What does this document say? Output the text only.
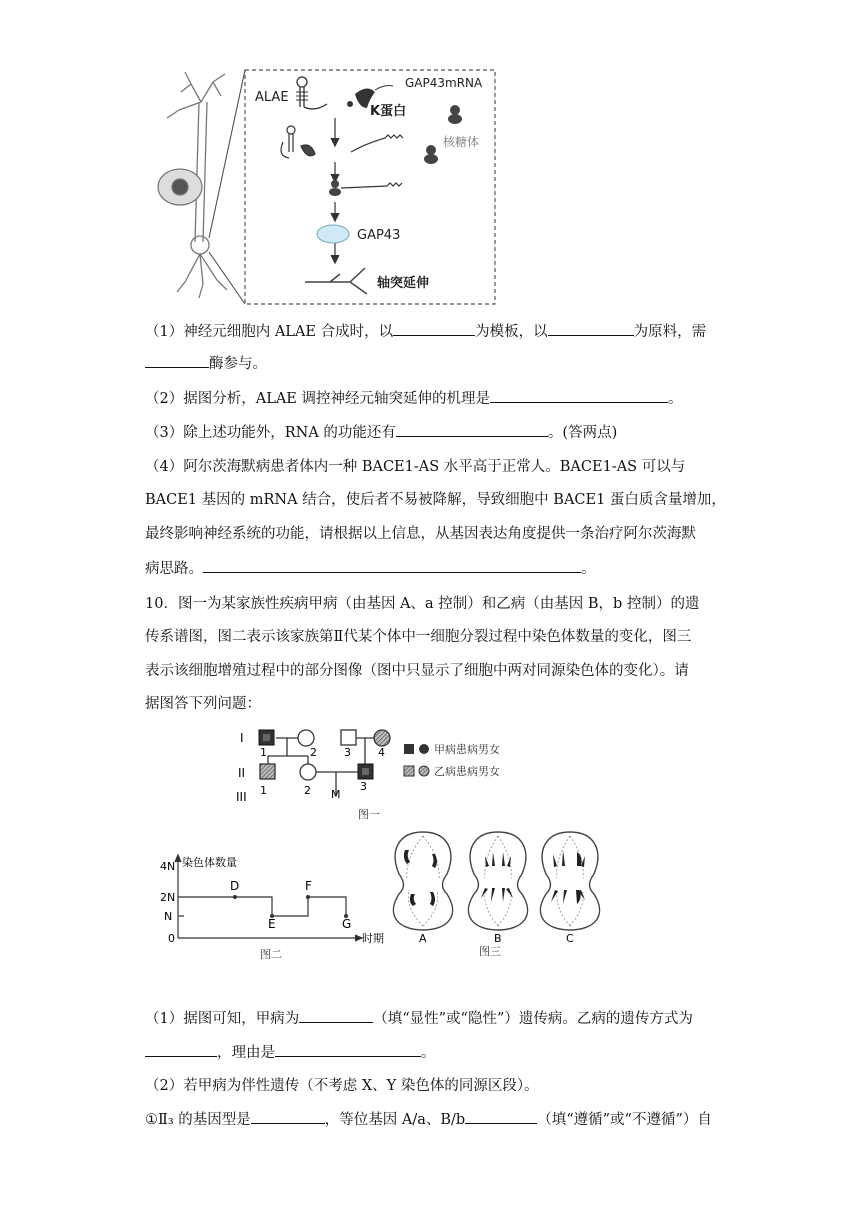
ALAE
GAP43mRNA
K蛋白
核糖体
GAP43
轴突延伸
（1）神经元细胞内 ALAE 合成时，以	为模板，以	为原料，需
酶参与。
（2）据图分析，ALAE 调控神经元轴突延伸的机理是	。
（3）除上述功能外，RNA 的功能还有	。(答两点)
（4）阿尔茨海默病患者体内一种 BACE1-AS 水平高于正常人。BACE1-AS 可以与
BACE1 基因的 mRNA 结合，使后者不易被降解，导致细胞中 BACE1 蛋白质含量增加，
最终影响神经系统的功能，请根据以上信息，从基因表达角度提供一条治疗阿尔茨海默
病思路。	。
10．图一为某家族性疾病甲病（由基因 A、a 控制）和乙病（由基因 B，b 控制）的遗
传系谱图，图二表示该家族第Ⅱ代某个体中一细胞分裂过程中染色体数量的变化，图三
表示该细胞增殖过程中的部分图像（图中只显示了细胞中两对同源染色体的变化）。请
据图答下列问题：
I
II
III
1	2 3 4
1	2	3
M
甲病患病男女
乙病患病男女
图一
染色体数量
4N
2N
N
0
D
E
F
G
时期
图二
A	B	C
图三
（1）据图可知，甲病为	（填“显性”或“隐性”）遗传病。乙病的遗传方式为
，理由是	。
（2）若甲病为伴性遗传（不考虑 X、Y 染色体的同源区段）。
①Ⅱ₃ 的基因型是	，等位基因 A/a、B/b	（填“遵循”或“不遵循”）自
